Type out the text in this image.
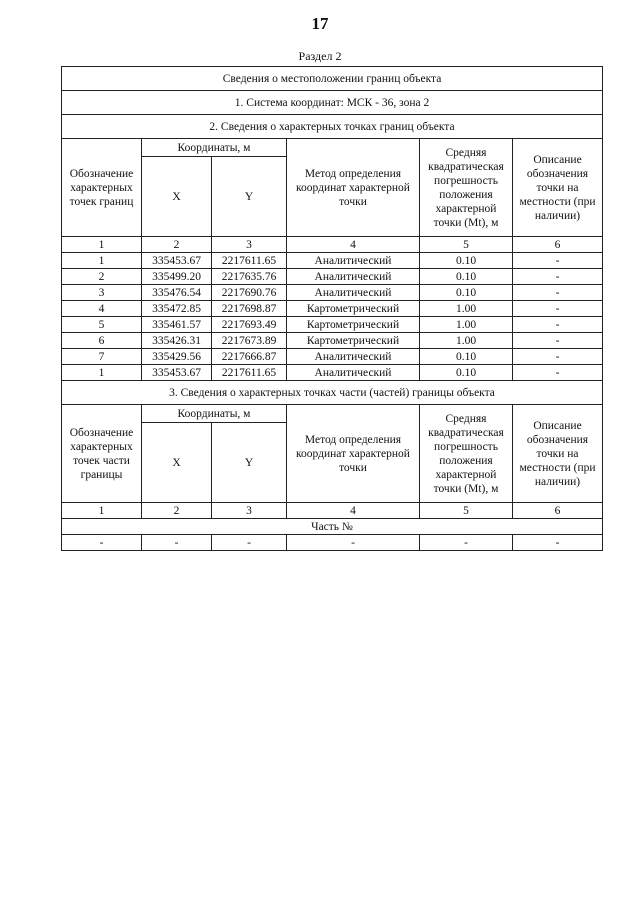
17
Раздел 2
Сведения о местоположении границ объекта					
1. Система координат: МСК - 36, зона 2					
2. Сведения о характерных точках границ объекта					
Обозначение характерных точек границ	Координаты, м		Метод определения координат характерной точки	Средняя квадратическая погрешность положения характерной точки (Mt), м	Описание обозначения точки на местности (при наличии)
	X	Y			
1	2	3	4	5	6
1	335453.67	2217611.65	Аналитический	0.10	-
2	335499.20	2217635.76	Аналитический	0.10	-
3	335476.54	2217690.76	Аналитический	0.10	-
4	335472.85	2217698.87	Картометрический	1.00	-
5	335461.57	2217693.49	Картометрический	1.00	-
6	335426.31	2217673.89	Картометрический	1.00	-
7	335429.56	2217666.87	Аналитический	0.10	-
1	335453.67	2217611.65	Аналитический	0.10	-
3. Сведения о характерных точках части (частей) границы объекта					
Обозначение характерных точек части границы	Координаты, м		Метод определения координат характерной точки	Средняя квадратическая погрешность положения характерной точки (Mt), м	Описание обозначения точки на местности (при наличии)
	X	Y			
1	2	3	4	5	6
Часть №					
-	-	-	-	-	-
